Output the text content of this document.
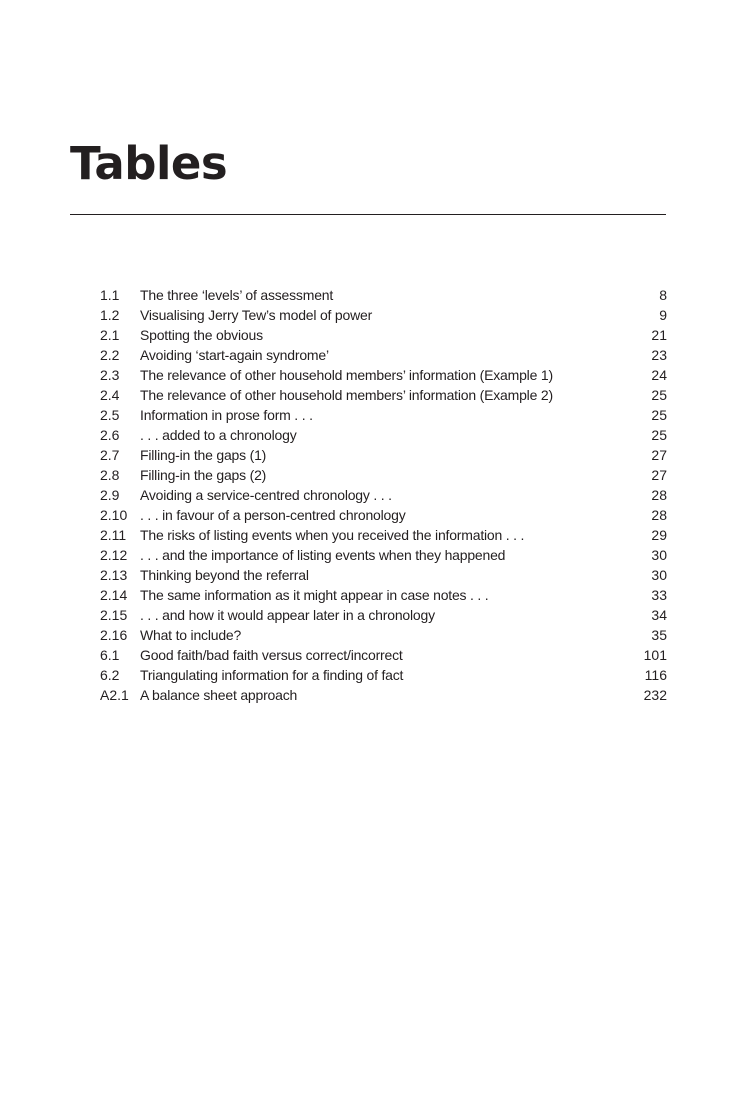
Tables
1.1	The three ‘levels’ of assessment	8
1.2	Visualising Jerry Tew’s model of power	9
2.1	Spotting the obvious	21
2.2	Avoiding ‘start-again syndrome’	23
2.3	The relevance of other household members’ information (Example 1)	24
2.4	The relevance of other household members’ information (Example 2)	25
2.5	Information in prose form . . .	25
2.6	. . . added to a chronology	25
2.7	Filling-in the gaps (1)	27
2.8	Filling-in the gaps (2)	27
2.9	Avoiding a service-centred chronology . . .	28
2.10 . . . in favour of a person-centred chronology	28
2.11 The risks of listing events when you received the information . . .	29
2.12 . . . and the importance of listing events when they happened	30
2.13 Thinking beyond the referral	30
2.14 The same information as it might appear in case notes . . .	33
2.15 . . . and how it would appear later in a chronology	34
2.16 What to include?	35
6.1	Good faith/bad faith versus correct/incorrect	101
6.2	Triangulating information for a finding of fact	116
A2.1 A balance sheet approach	232
